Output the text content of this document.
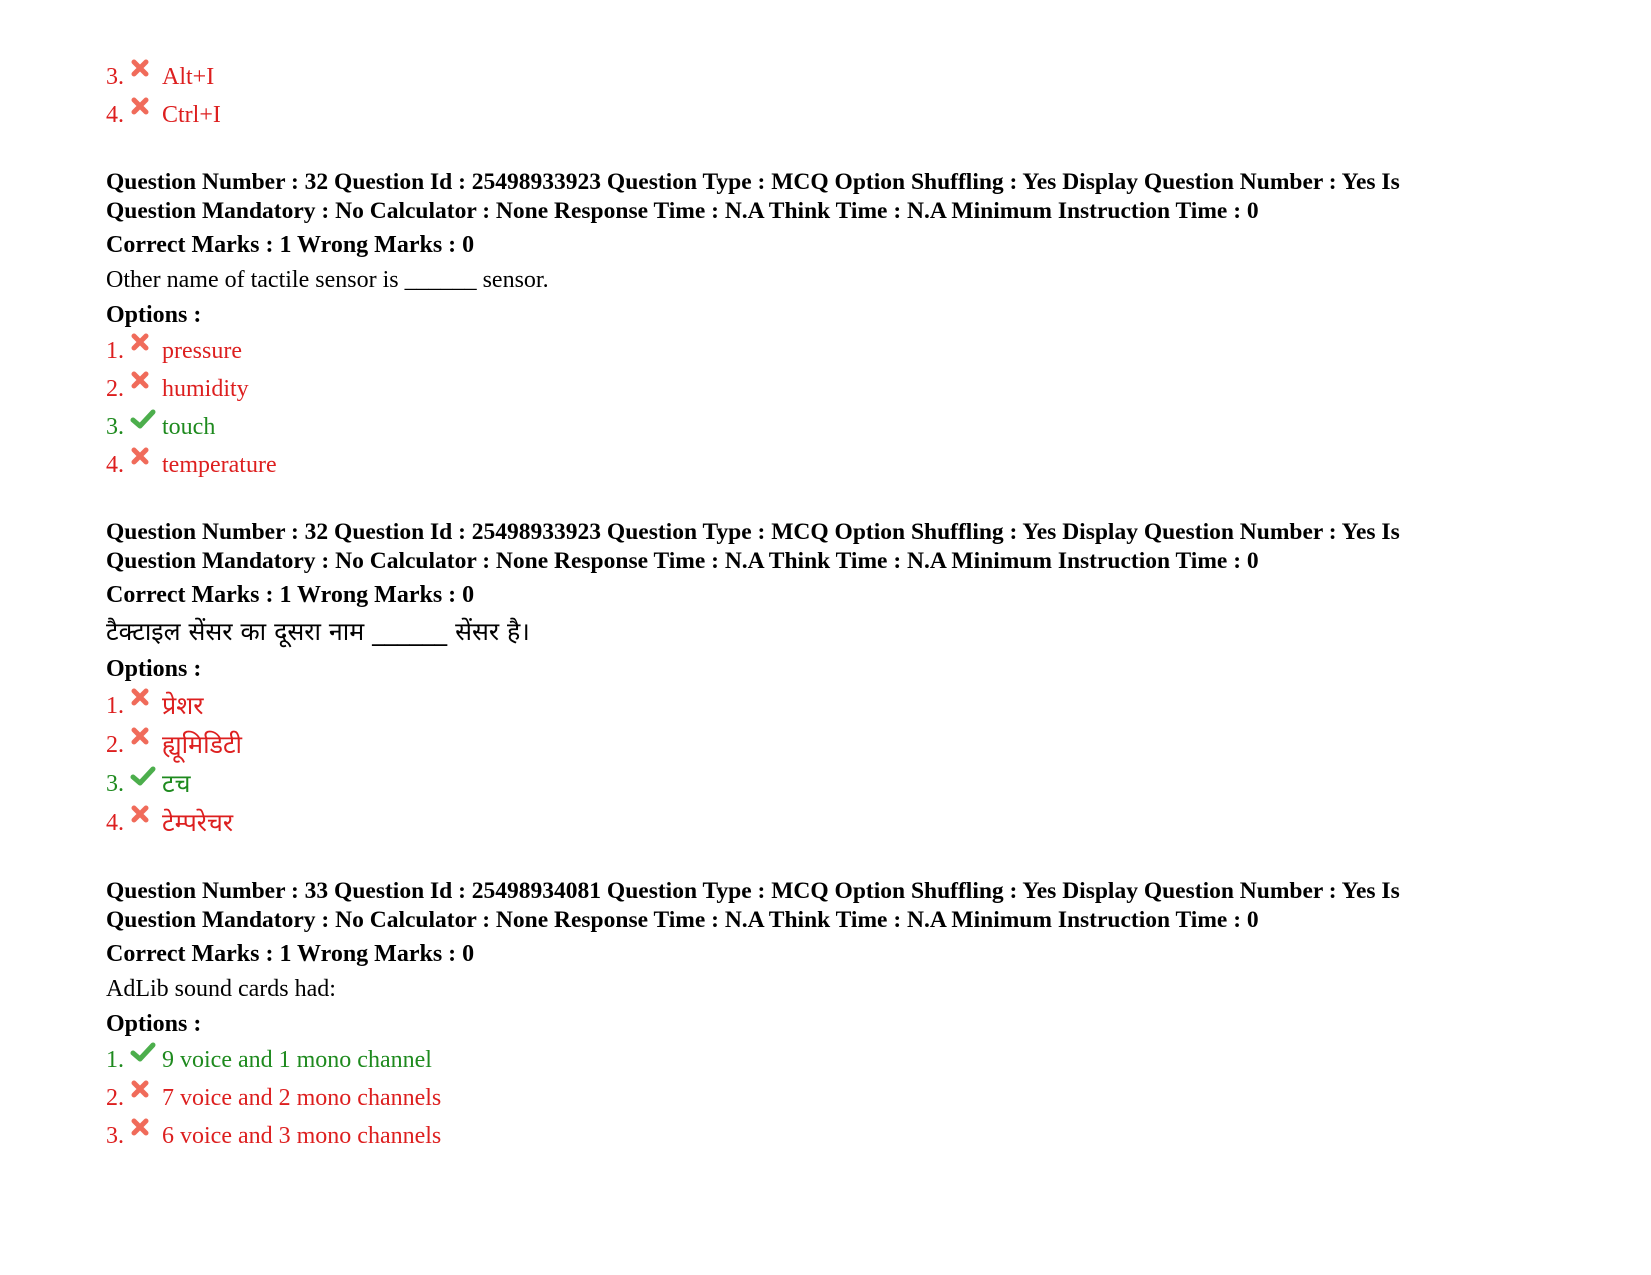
3. Alt+I
4. Ctrl+I

Question Number : 32 Question Id : 25498933923 Question Type : MCQ Option Shuffling : Yes Display Question Number : Yes Is

Question Mandatory : No Calculator : None Response Time : N.A Think Time : N.A Minimum Instruction Time : 0

Correct Marks : 1 Wrong Marks : 0
Other name of tactile sensor is ______ sensor.
Options :
1. pressure
2. humidity
3. touch
4. temperature

Question Number : 32 Question Id : 25498933923 Question Type : MCQ Option Shuffling : Yes Display Question Number : Yes Is

Question Mandatory : No Calculator : None Response Time : N.A Think Time : N.A Minimum Instruction Time : 0

Correct Marks : 1 Wrong Marks : 0
टैक्टाइल सेंसर का दूसरा नाम ______ सेंसर है।
Options :
1. प्रेशर
2. ह्यूमिडिटी
3. टच
4. टेम्परेचर

Question Number : 33 Question Id : 25498934081 Question Type : MCQ Option Shuffling : Yes Display Question Number : Yes Is

Question Mandatory : No Calculator : None Response Time : N.A Think Time : N.A Minimum Instruction Time : 0

Correct Marks : 1 Wrong Marks : 0
AdLib sound cards had:
Options :
1. 9 voice and 1 mono channel
2. 7 voice and 2 mono channels
3. 6 voice and 3 mono channels
